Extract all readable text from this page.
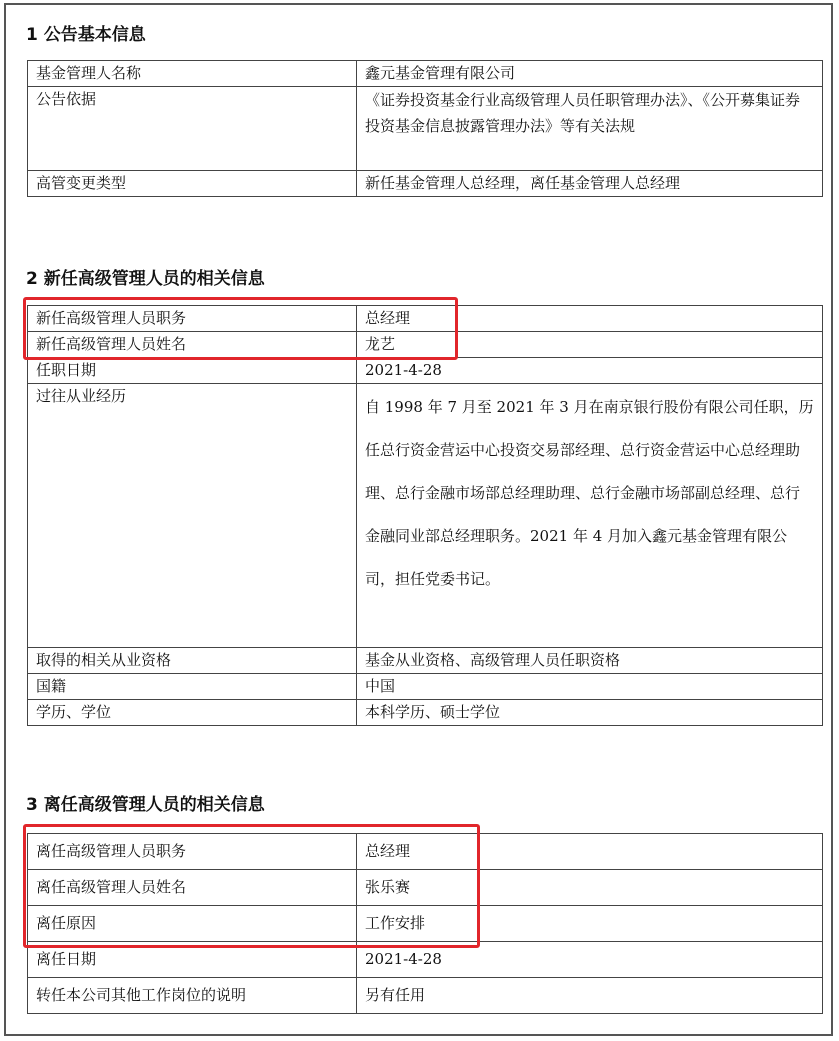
1 公告基本信息
基金管理人名称	鑫元基金管理有限公司
公告依据	《证券投资基金行业高级管理人员任职管理办法》、《公开募集证券投资基金信息披露管理办法》等有关法规
高管变更类型	新任基金管理人总经理，离任基金管理人总经理
2 新任高级管理人员的相关信息
新任高级管理人员职务	总经理
新任高级管理人员姓名	龙艺
任职日期	2021-4-28
过往从业经历	自 1998 年 7 月至 2021 年 3 月在南京银行股份有限公司任职，历任总行资金营运中心投资交易部经理、总行资金营运中心总经理助理、总行金融市场部总经理助理、总行金融市场部副总经理、总行金融同业部总经理职务。2021 年 4 月加入鑫元基金管理有限公司，担任党委书记。
取得的相关从业资格	基金从业资格、高级管理人员任职资格
国籍	中国
学历、学位	本科学历、硕士学位
3 离任高级管理人员的相关信息
离任高级管理人员职务	总经理
离任高级管理人员姓名	张乐赛
离任原因	工作安排
离任日期	2021-4-28
转任本公司其他工作岗位的说明	另有任用
